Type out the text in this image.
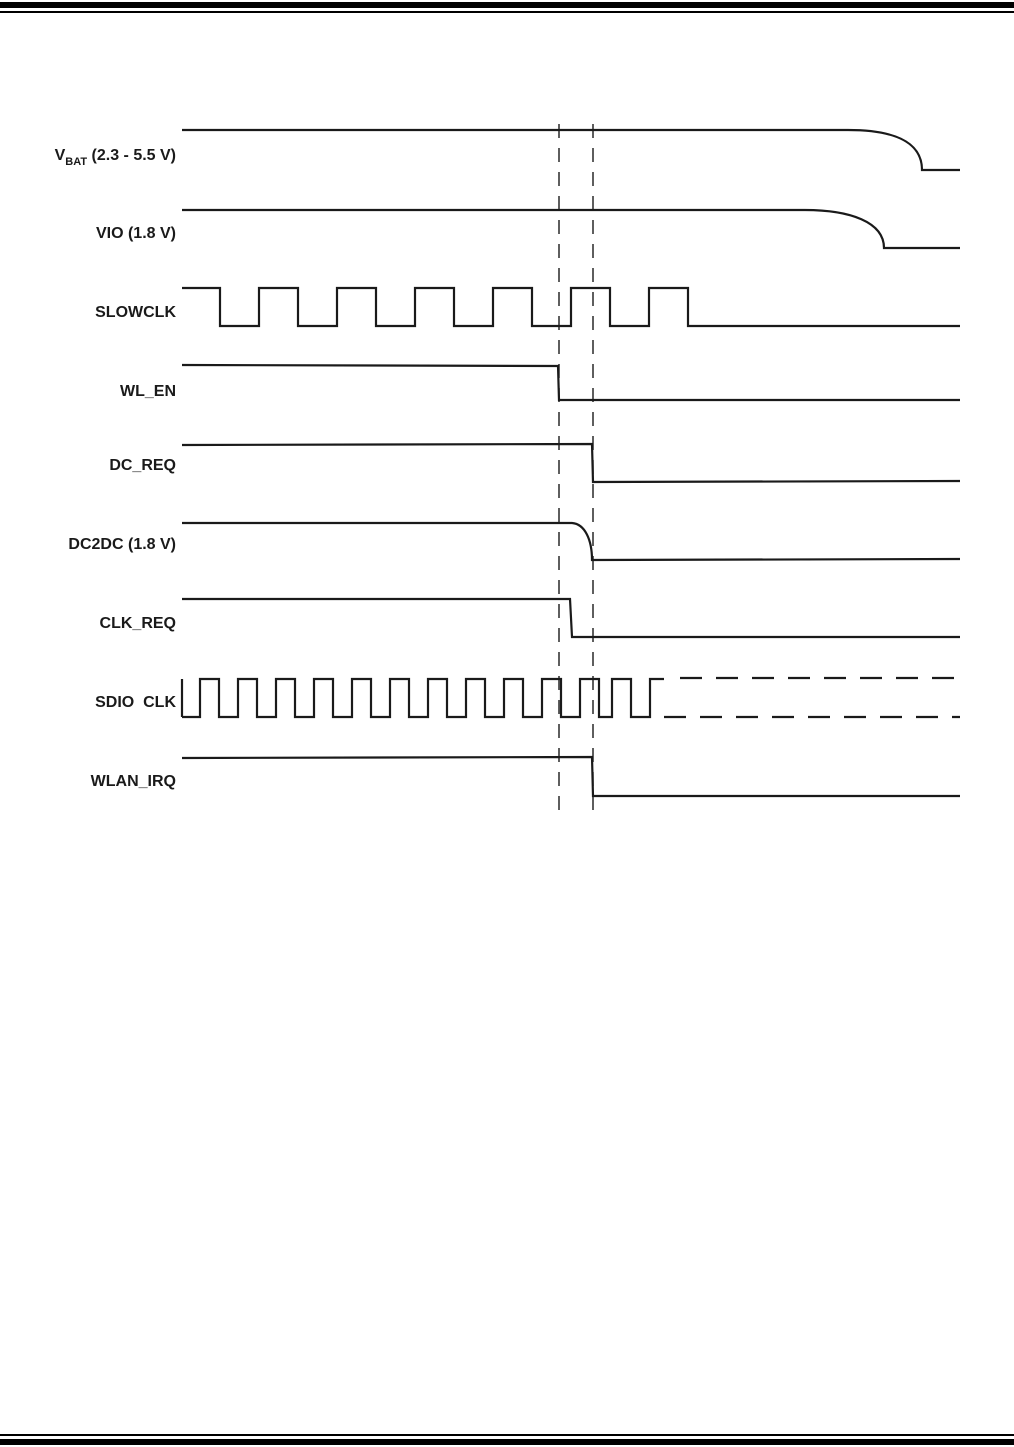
$V_{BAT}$ (2.3 - 5.5 V)
VIO (1.8 V)
SLOWCLK
WL_EN
DC_REQ
DC2DC (1.8 V)
CLK_REQ
SDIO  CLK
WLAN_IRQ
